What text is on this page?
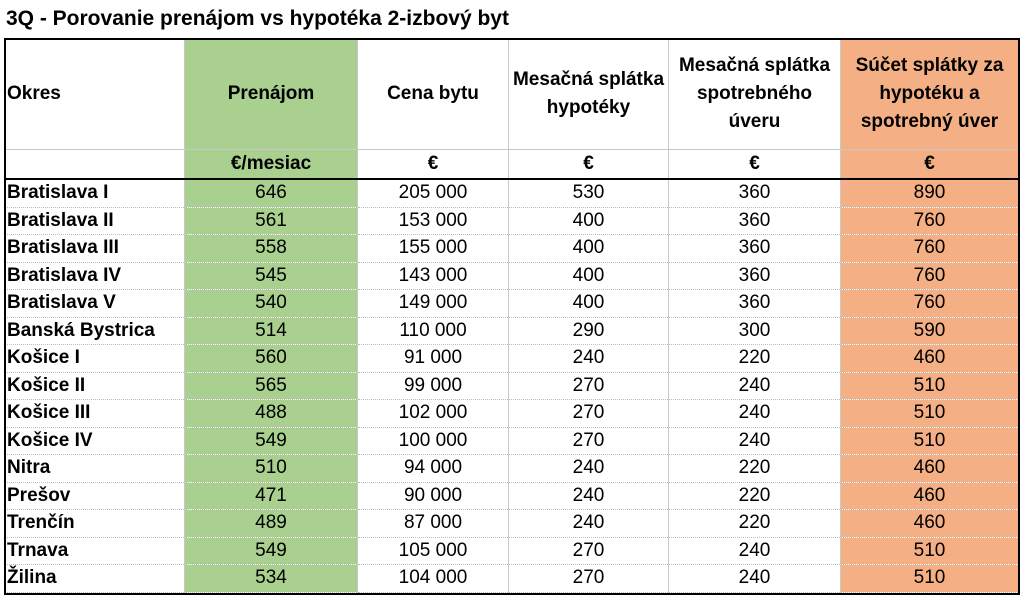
3Q - Porovanie prenájom vs hypotéka 2-izbový byt
Okres	Prenájom	Cena bytu	Mesačná splátka hypotéky	Mesačná splátka spotrebného úveru	Súčet splátky za hypotéku a spotrebný úver
	€/mesiac	€	€	€	€
Bratislava I	646	205 000	530	360	890
Bratislava II	561	153 000	400	360	760
Bratislava III	558	155 000	400	360	760
Bratislava IV	545	143 000	400	360	760
Bratislava V	540	149 000	400	360	760
Banská Bystrica	514	110 000	290	300	590
Košice I	560	91 000	240	220	460
Košice II	565	99 000	270	240	510
Košice III	488	102 000	270	240	510
Košice IV	549	100 000	270	240	510
Nitra	510	94 000	240	220	460
Prešov	471	90 000	240	220	460
Trenčín	489	87 000	240	220	460
Trnava	549	105 000	270	240	510
Žilina	534	104 000	270	240	510
